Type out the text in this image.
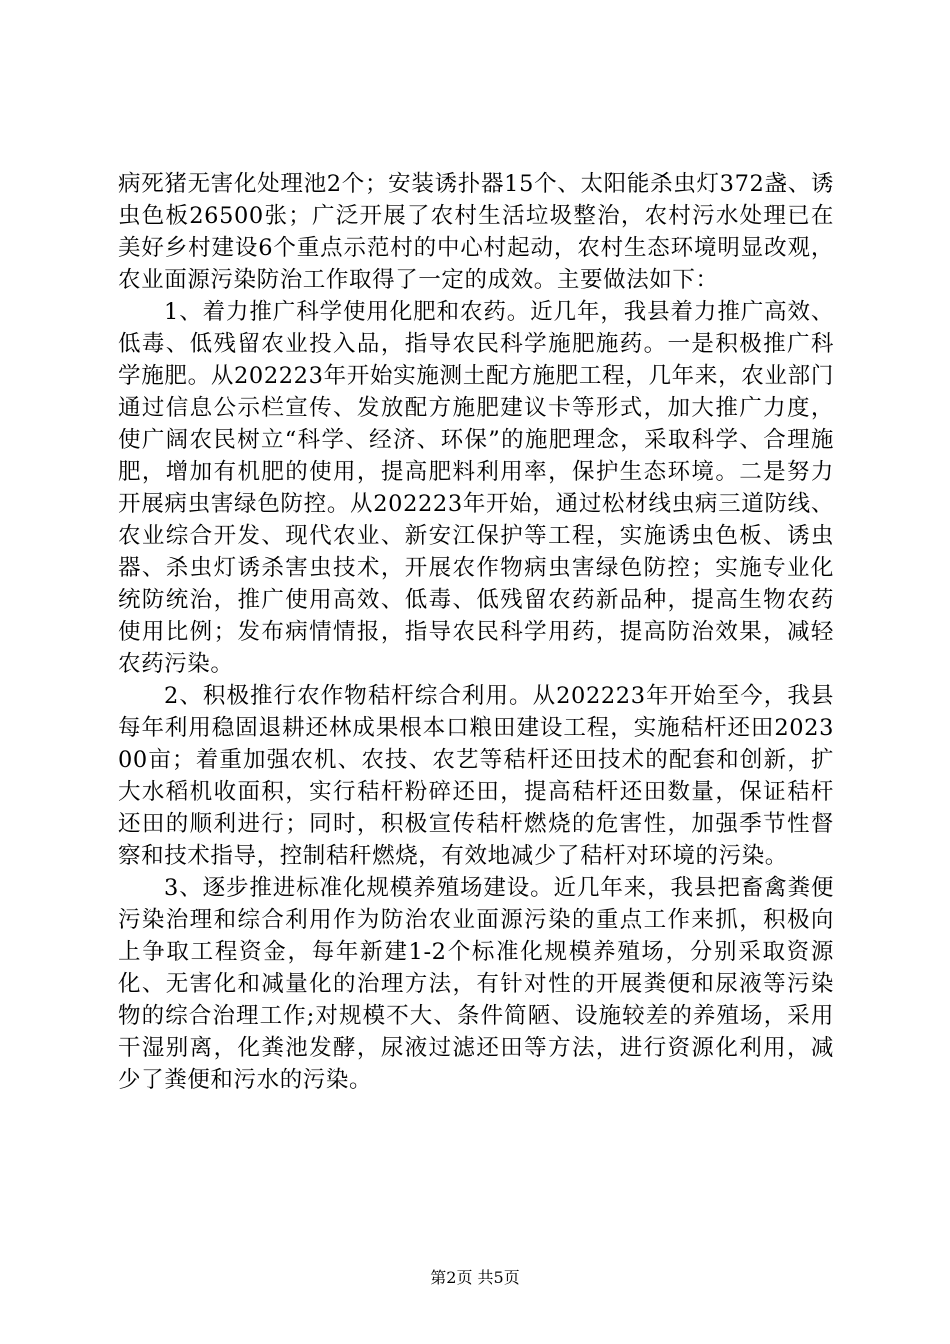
病死猪无害化处理池2个；安装诱扑器15个、太阳能杀虫灯372盏、诱虫色板26500张；广泛开展了农村生活垃圾整治，农村污水处理已在美好乡村建设6个重点示范村的中心村起动，农村生态环境明显改观，农业面源污染防治工作取得了一定的成效。主要做法如下：

1、着力推广科学使用化肥和农药。近几年，我县着力推广高效、低毒、低残留农业投入品，指导农民科学施肥施药。一是积极推广科学施肥。从202223年开始实施测土配方施肥工程，几年来，农业部门通过信息公示栏宣传、发放配方施肥建议卡等形式，加大推广力度，使广阔农民树立“科学、经济、环保”的施肥理念，采取科学、合理施肥，增加有机肥的使用，提高肥料利用率，保护生态环境。二是努力开展病虫害绿色防控。从202223年开始，通过松材线虫病三道防线、农业综合开发、现代农业、新安江保护等工程，实施诱虫色板、诱虫器、杀虫灯诱杀害虫技术，开展农作物病虫害绿色防控；实施专业化统防统治，推广使用高效、低毒、低残留农药新品种，提高生物农药使用比例；发布病情情报，指导农民科学用药，提高防治效果，减轻农药污染。

2、积极推行农作物秸杆综合利用。从202223年开始至今，我县每年利用稳固退耕还林成果根本口粮田建设工程，实施秸杆还田202300亩；着重加强农机、农技、农艺等秸杆还田技术的配套和创新，扩大水稻机收面积，实行秸杆粉碎还田，提高秸杆还田数量，保证秸杆还田的顺利进行；同时，积极宣传秸杆燃烧的危害性，加强季节性督察和技术指导，控制秸秆燃烧，有效地减少了秸杆对环境的污染。

3、逐步推进标准化规模养殖场建设。近几年来，我县把畜禽粪便污染治理和综合利用作为防治农业面源污染的重点工作来抓，积极向上争取工程资金，每年新建1-2个标准化规模养殖场，分别采取资源化、无害化和减量化的治理方法，有针对性的开展粪便和尿液等污染物的综合治理工作;对规模不大、条件简陋、设施较差的养殖场，采用干湿别离，化粪池发酵，尿液过滤还田等方法，进行资源化利用，减少了粪便和污水的污染。

第2页 共5页
